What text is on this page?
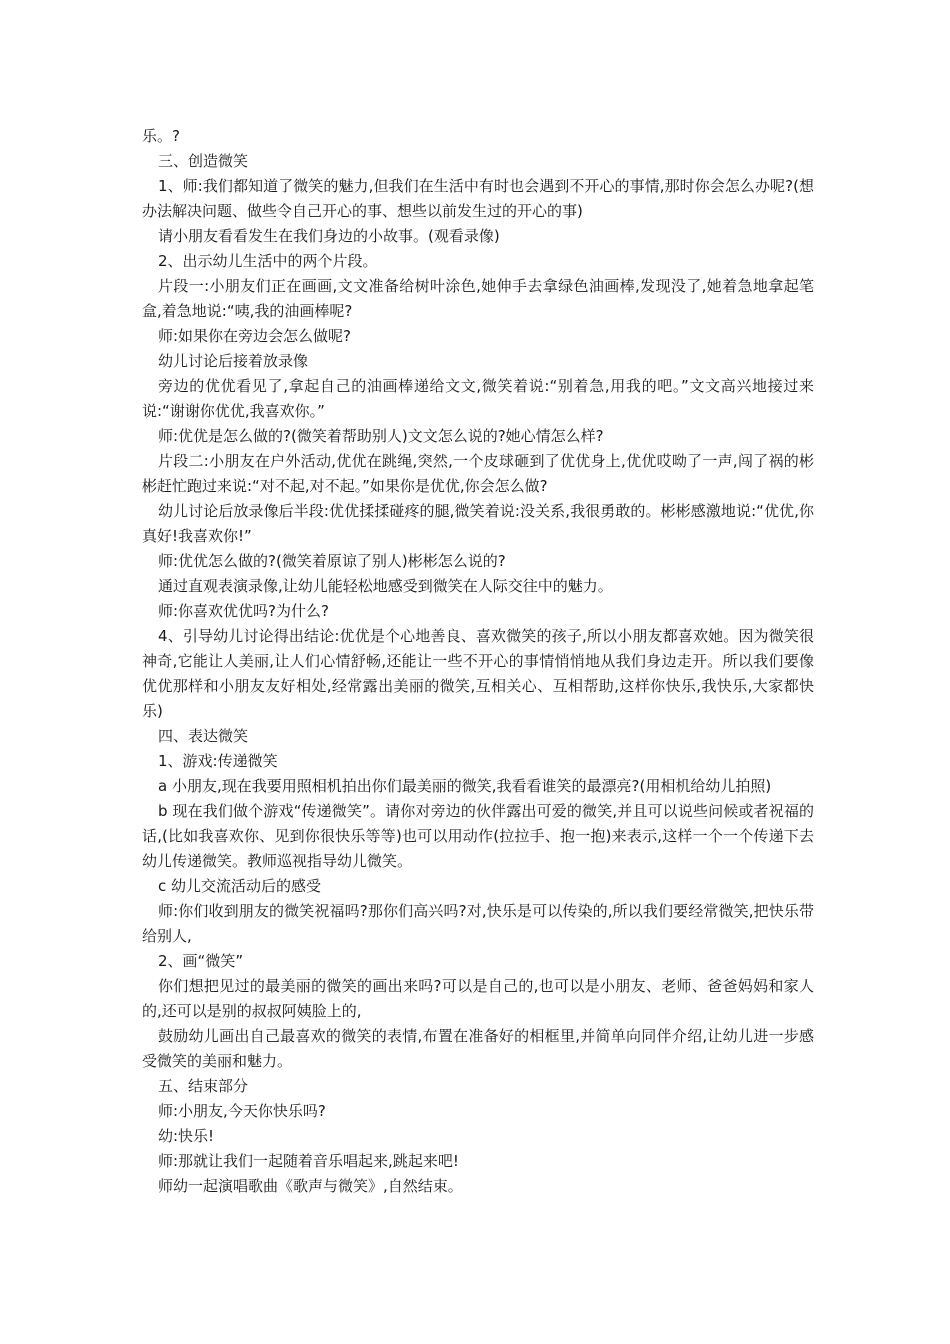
乐。?

三、创造微笑

1、师:我们都知道了微笑的魅力,但我们在生活中有时也会遇到不开心的事情,那时你会怎么办呢?(想办法解决问题、做些令自己开心的事、想些以前发生过的开心的事)

请小朋友看看发生在我们身边的小故事。(观看录像)

2、出示幼儿生活中的两个片段。

片段一:小朋友们正在画画,文文准备给树叶涂色,她伸手去拿绿色油画棒,发现没了,她着急地拿起笔盒,着急地说:“咦,我的油画棒呢?

师:如果你在旁边会怎么做呢?

幼儿讨论后接着放录像

旁边的优优看见了,拿起自己的油画棒递给文文,微笑着说:“别着急,用我的吧。”文文高兴地接过来说:“谢谢你优优,我喜欢你。”

师:优优是怎么做的?(微笑着帮助别人)文文怎么说的?她心情怎么样?

片段二:小朋友在户外活动,优优在跳绳,突然,一个皮球砸到了优优身上,优优哎呦了一声,闯了祸的彬彬赶忙跑过来说:“对不起,对不起。”如果你是优优,你会怎么做?

幼儿讨论后放录像后半段:优优揉揉碰疼的腿,微笑着说:没关系,我很勇敢的。彬彬感激地说:“优优,你真好!我喜欢你!”

师:优优怎么做的?(微笑着原谅了别人)彬彬怎么说的?

通过直观表演录像,让幼儿能轻松地感受到微笑在人际交往中的魅力。

师:你喜欢优优吗?为什么?

4、引导幼儿讨论得出结论:优优是个心地善良、喜欢微笑的孩子,所以小朋友都喜欢她。因为微笑很神奇,它能让人美丽,让人们心情舒畅,还能让一些不开心的事情悄悄地从我们身边走开。所以我们要像优优那样和小朋友友好相处,经常露出美丽的微笑,互相关心、互相帮助,这样你快乐,我快乐,大家都快乐)

四、表达微笑

1、游戏:传递微笑

a 小朋友,现在我要用照相机拍出你们最美丽的微笑,我看看谁笑的最漂亮?(用相机给幼儿拍照)

b 现在我们做个游戏“传递微笑”。请你对旁边的伙伴露出可爱的微笑,并且可以说些问候或者祝福的话,(比如我喜欢你、见到你很快乐等等)也可以用动作(拉拉手、抱一抱)来表示,这样一个一个传递下去　　幼儿传递微笑。教师巡视指导幼儿微笑。

c 幼儿交流活动后的感受

师:你们收到朋友的微笑祝福吗?那你们高兴吗?对,快乐是可以传染的,所以我们要经常微笑,把快乐带给别人,

2、画“微笑”

你们想把见过的最美丽的微笑的画出来吗?可以是自己的,也可以是小朋友、老师、爸爸妈妈和家人的,还可以是别的叔叔阿姨脸上的,

鼓励幼儿画出自己最喜欢的微笑的表情,布置在准备好的相框里,并简单向同伴介绍,让幼儿进一步感受微笑的美丽和魅力。

五、结束部分

师:小朋友,今天你快乐吗?

幼:快乐!

师:那就让我们一起随着音乐唱起来,跳起来吧!

师幼一起演唱歌曲《歌声与微笑》,自然结束。
